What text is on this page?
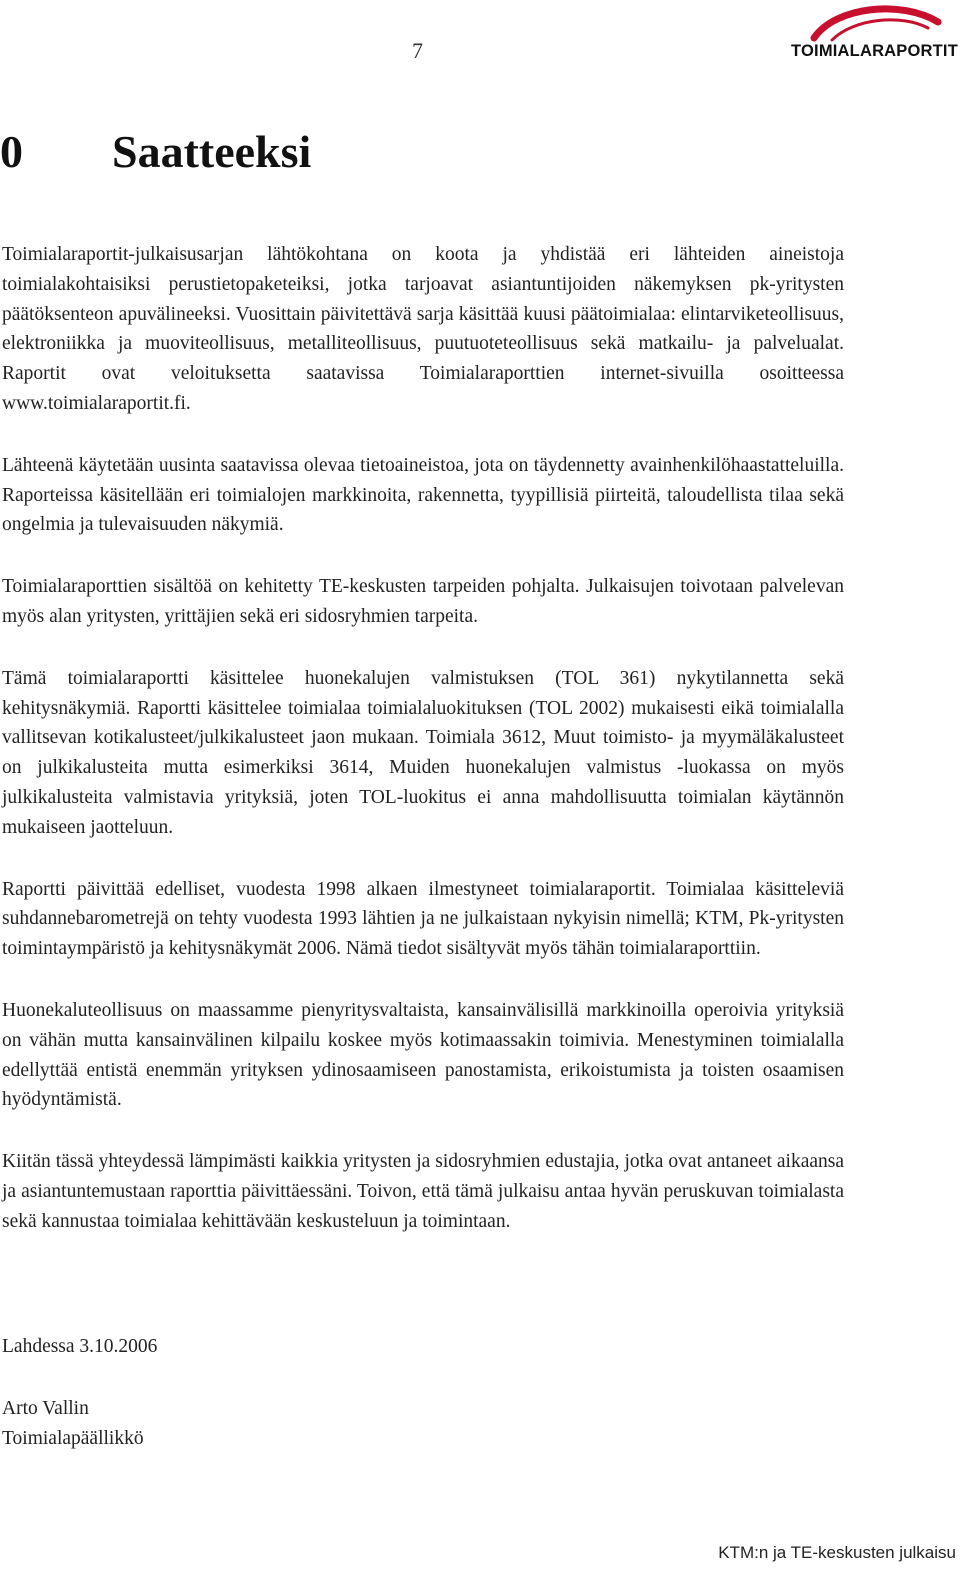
7	TOIMIALARAPORTIT
0 Saatteeksi

Toimialaraportit-julkaisusarjan lähtökohtana on koota ja yhdistää eri lähteiden aineistoja toimialakohtaisiksi perustietopaketeiksi, jotka tarjoavat asiantuntijoiden näkemyksen pk-yritysten päätöksenteon apuvälineeksi. Vuosittain päivitettävä sarja käsittää kuusi päätoimialaa: elintarviketeollisuus, elektroniikka ja muoviteollisuus, metalliteollisuus, puutuoteteollisuus sekä matkailu- ja palvelualat. Raportit ovat veloituksetta saatavissa Toimialaraporttien internet-sivuilla osoitteessa www.toimialaraportit.fi.

Lähteenä käytetään uusinta saatavissa olevaa tietoaineistoa, jota on täydennetty avainhenkilöhaastatteluilla. Raporteissa käsitellään eri toimialojen markkinoita, rakennetta, tyypillisiä piirteitä, taloudellista tilaa sekä ongelmia ja tulevaisuuden näkymiä.

Toimialaraporttien sisältöä on kehitetty TE-keskusten tarpeiden pohjalta. Julkaisujen toivotaan palvelevan myös alan yritysten, yrittäjien sekä eri sidosryhmien tarpeita.

Tämä toimialaraportti käsittelee huonekalujen valmistuksen (TOL 361) nykytilannetta sekä kehitysnäkymiä. Raportti käsittelee toimialaa toimialaluokituksen (TOL 2002) mukaisesti eikä toimialalla vallitsevan kotikalusteet/julkikalusteet jaon mukaan. Toimiala 3612, Muut toimisto- ja myymäläkalusteet on julkikalusteita mutta esimerkiksi 3614, Muiden huonekalujen valmistus -luokassa on myös julkikalusteita valmistavia yrityksiä, joten TOL-luokitus ei anna mahdollisuutta toimialan käytännön mukaiseen jaotteluun.

Raportti päivittää edelliset, vuodesta 1998 alkaen ilmestyneet toimialaraportit. Toimialaa käsitteleviä suhdannebarometrejä on tehty vuodesta 1993 lähtien ja ne julkaistaan nykyisin nimellä; KTM, Pk-yritysten toimintaympäristö ja kehitysnäkymät 2006. Nämä tiedot sisältyvät myös tähän toimialaraporttiin.

Huonekaluteollisuus on maassamme pienyritysvaltaista, kansainvälisillä markkinoilla operoivia yrityksiä on vähän mutta kansainvälinen kilpailu koskee myös kotimaassakin toimivia. Menestyminen toimialalla edellyttää entistä enemmän yrityksen ydinosaamiseen panostamista, erikoistumista ja toisten osaamisen hyödyntämistä.

Kiitän tässä yhteydessä lämpimästi kaikkia yritysten ja sidosryhmien edustajia, jotka ovat antaneet aikaansa ja asiantuntemustaan raporttia päivittäessäni. Toivon, että tämä julkaisu antaa hyvän peruskuvan toimialasta sekä kannustaa toimialaa kehittävään keskusteluun ja toimintaan.

Lahdessa 3.10.2006
Arto Vallin
Toimialapäällikkö
KTM:n ja TE-keskusten julkaisu
